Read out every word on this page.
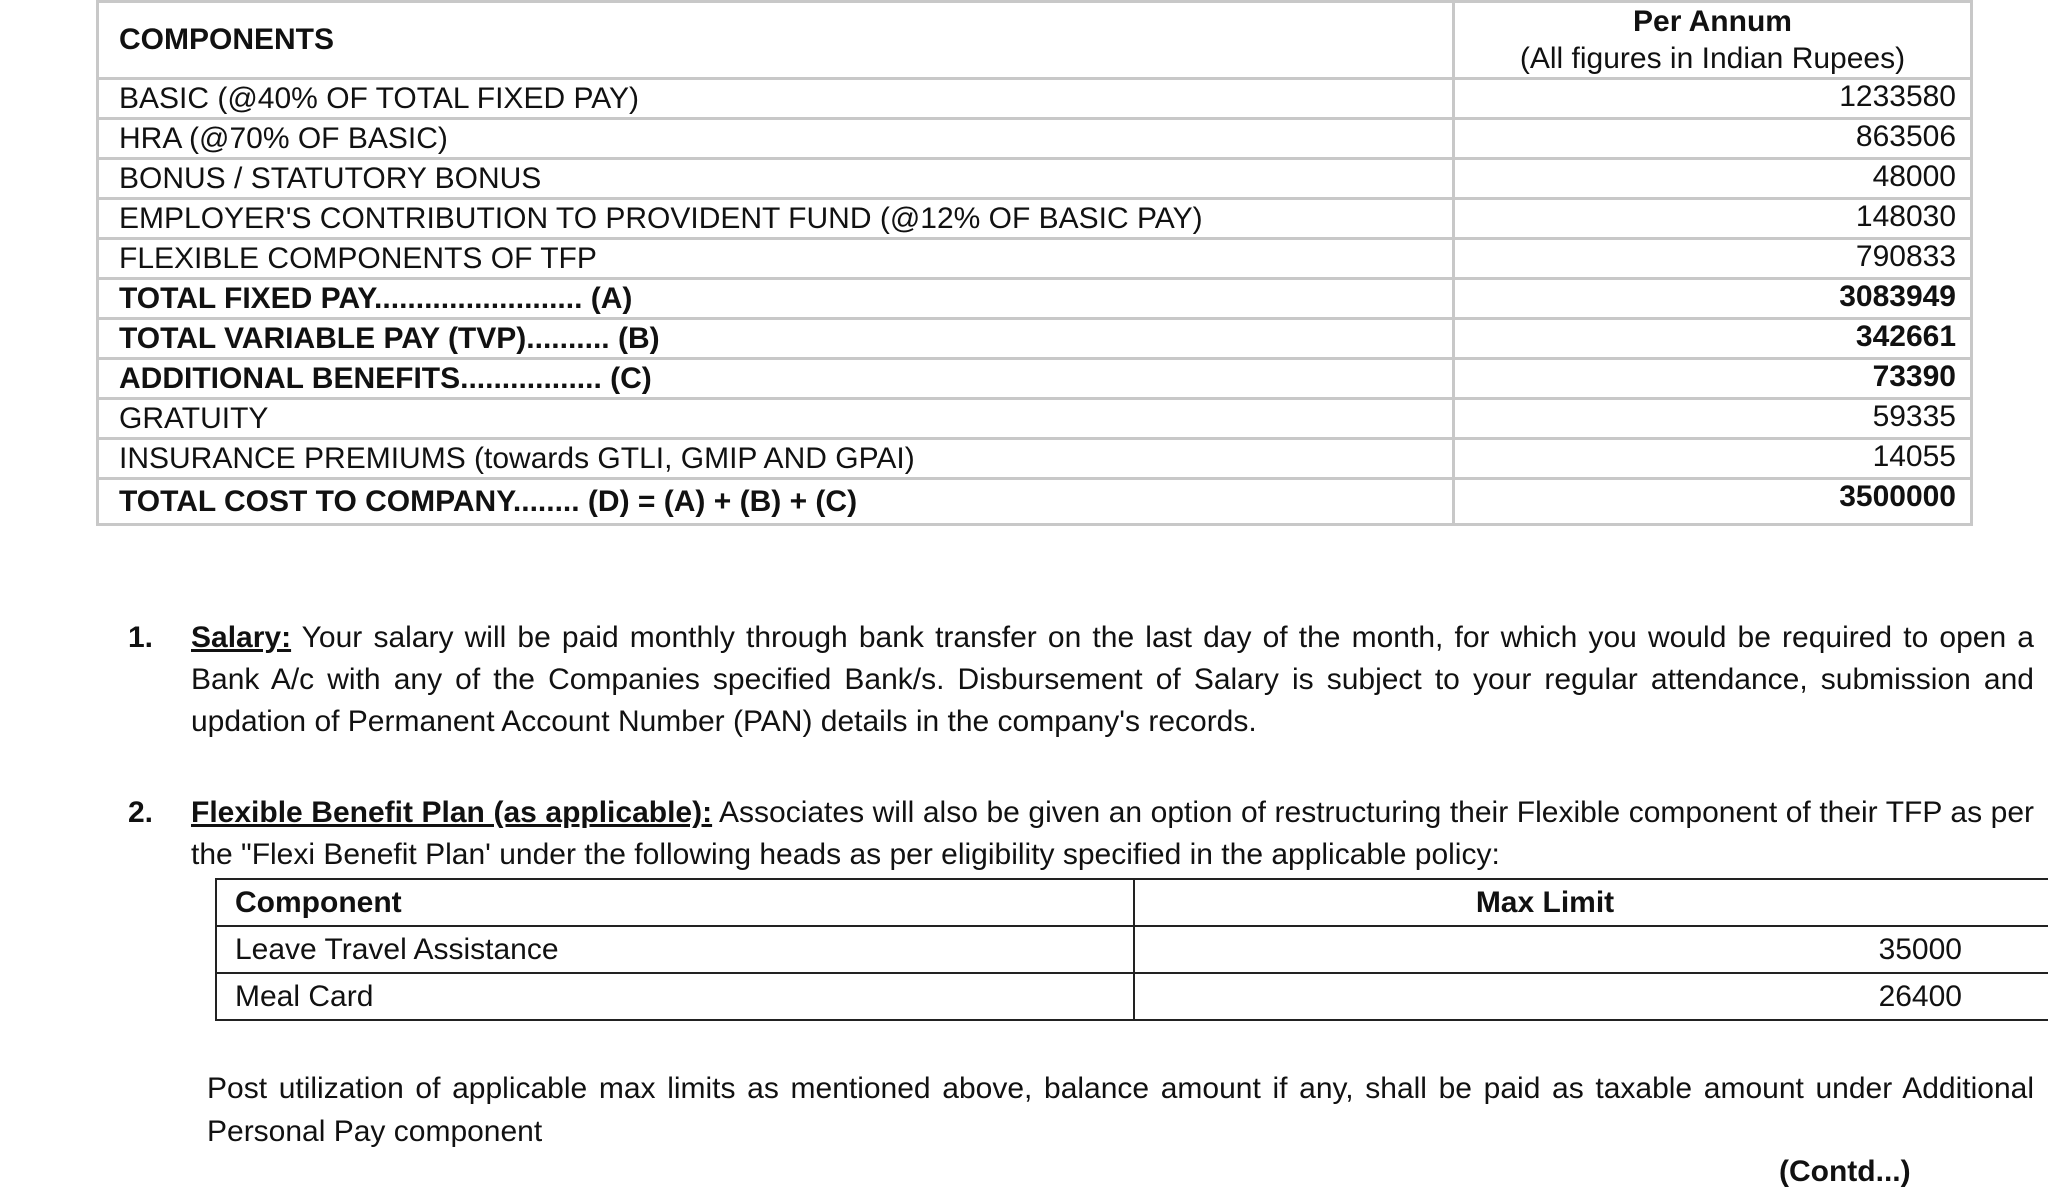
COMPONENTS	Per Annum
(All figures in Indian Rupees)

BASIC (@40% OF TOTAL FIXED PAY)	1233580
HRA (@70% OF BASIC)	863506
BONUS / STATUTORY BONUS	48000
EMPLOYER'S CONTRIBUTION TO PROVIDENT FUND (@12% OF BASIC PAY)	148030
FLEXIBLE COMPONENTS OF TFP	790833
TOTAL FIXED PAY......................... (A)	3083949
TOTAL VARIABLE PAY (TVP).......... (B)	342661
ADDITIONAL BENEFITS................. (C)	73390
GRATUITY	59335
INSURANCE PREMIUMS (towards GTLI, GMIP AND GPAI)	14055
TOTAL COST TO COMPANY........ (D) = (A) + (B) + (C)	3500000
1. Salary: Your salary will be paid monthly through bank transfer on the last day of the month, for which you would be required to open a Bank A/c with any of the Companies specified Bank/s. Disbursement of Salary is subject to your regular attendance, submission and updation of Permanent Account Number (PAN) details in the company's records.
2. Flexible Benefit Plan (as applicable): Associates will also be given an option of restructuring their Flexible component of their TFP as per the "Flexi Benefit Plan' under the following heads as per eligibility specified in the applicable policy:
Component	Max Limit
Leave Travel Assistance	35000
Meal Card	26400
Post utilization of applicable max limits as mentioned above, balance amount if any, shall be paid as taxable amount under Additional Personal Pay component
(Contd...)
